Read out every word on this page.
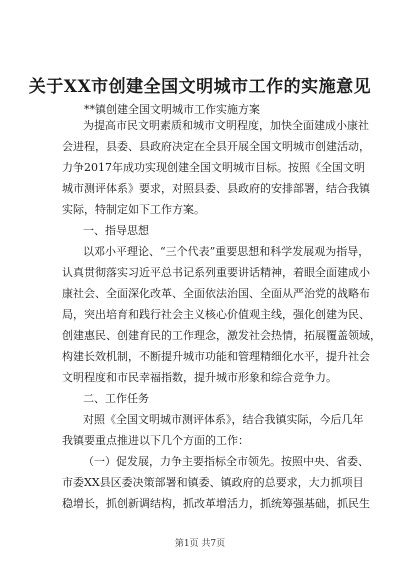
关于XX市创建全国文明城市工作的实施意见
**镇创建全国文明城市工作实施方案
为提高市民文明素质和城市文明程度，加快全面建成小康社
会进程，县委、县政府决定在全县开展全国文明城市创建活动，
力争2017年成功实现创建全国文明城市目标。按照《全国文明
城市测评体系》要求，对照县委、县政府的安排部署，结合我镇
实际，特制定如下工作方案。
一、指导思想
以邓小平理论、“三个代表”重要思想和科学发展观为指导，
认真贯彻落实习近平总书记系列重要讲话精神，着眼全面建成小
康社会、全面深化改革、全面依法治国、全面从严治党的战略布
局，突出培育和践行社会主义核心价值观主线，强化创建为民、
创建惠民、创建育民的工作理念，激发社会热情，拓展覆盖领域，
构建长效机制，不断提升城市功能和管理精细化水平，提升社会
文明程度和市民幸福指数，提升城市形象和综合竞争力。
二、工作任务
对照《全国文明城市测评体系》，结合我镇实际，今后几年
我镇要重点推进以下几个方面的工作：
（一）促发展，力争主要指标全市领先。按照中央、省委、
市委XX县区委决策部署和镇委、镇政府的总要求，大力抓项目
稳增长，抓创新调结构，抓改革增活力，抓统筹强基础，抓民生
第1页 共7页
